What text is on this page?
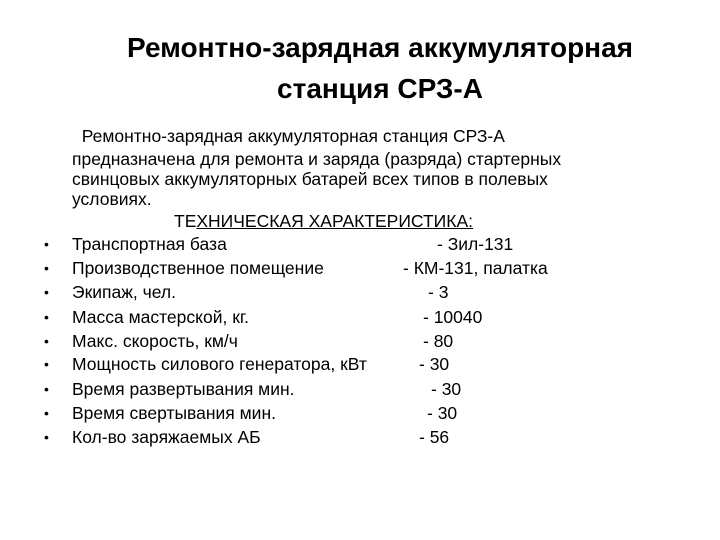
Ремонтно-зарядная аккумуляторная
станция СРЗ-А
Ремонтно-зарядная аккумуляторная станция СРЗ-А
предназначена для ремонта и заряда (разряда) стартерных
свинцовых аккумуляторных батарей всех типов в полевых
условиях.
ТЕХНИЧЕСКАЯ ХАРАКТЕРИСТИКА:
• Транспортная база	- Зил-131
• Производственное помещение	- КМ-131, палатка
• Экипаж, чел.	- 3
• Масса мастерской, кг.	- 10040
• Макс. скорость, км/ч	- 80
• Мощность силового генератора, кВт	- 30
• Время развертывания мин.	- 30
• Время свертывания мин.	- 30
• Кол-во заряжаемых АБ	- 56
